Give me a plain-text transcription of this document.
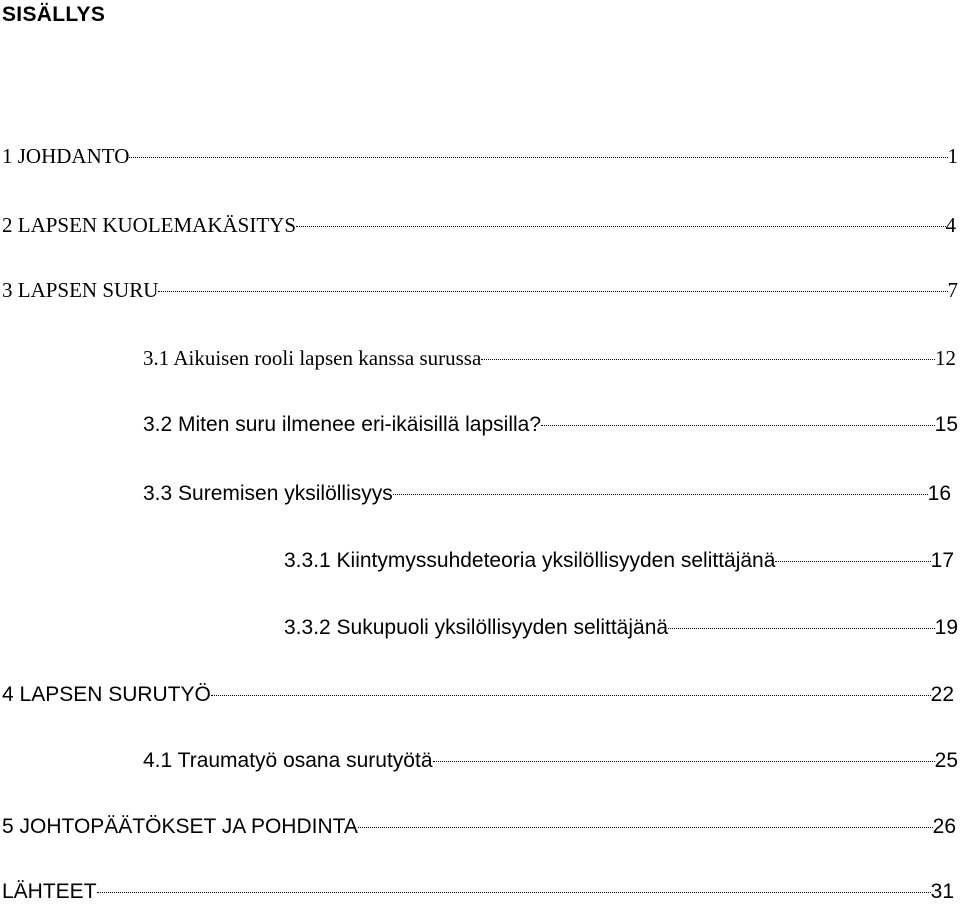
SISÄLLYS
1 JOHDANTO	1
2 LAPSEN KUOLEMAKÄSITYS	4
3 LAPSEN SURU	7
3.1 Aikuisen rooli lapsen kanssa surussa	12
3.2 Miten suru ilmenee eri-ikäisillä lapsilla?	15
3.3 Suremisen yksilöllisyys	16
3.3.1 Kiintymyssuhdeteoria yksilöllisyyden selittäjänä	17
3.3.2 Sukupuoli yksilöllisyyden selittäjänä	19
4 LAPSEN SURUTYÖ	22
4.1 Traumatyö osana surutyötä	25
5 JOHTOPÄÄTÖKSET JA POHDINTA	26
LÄHTEET	31
